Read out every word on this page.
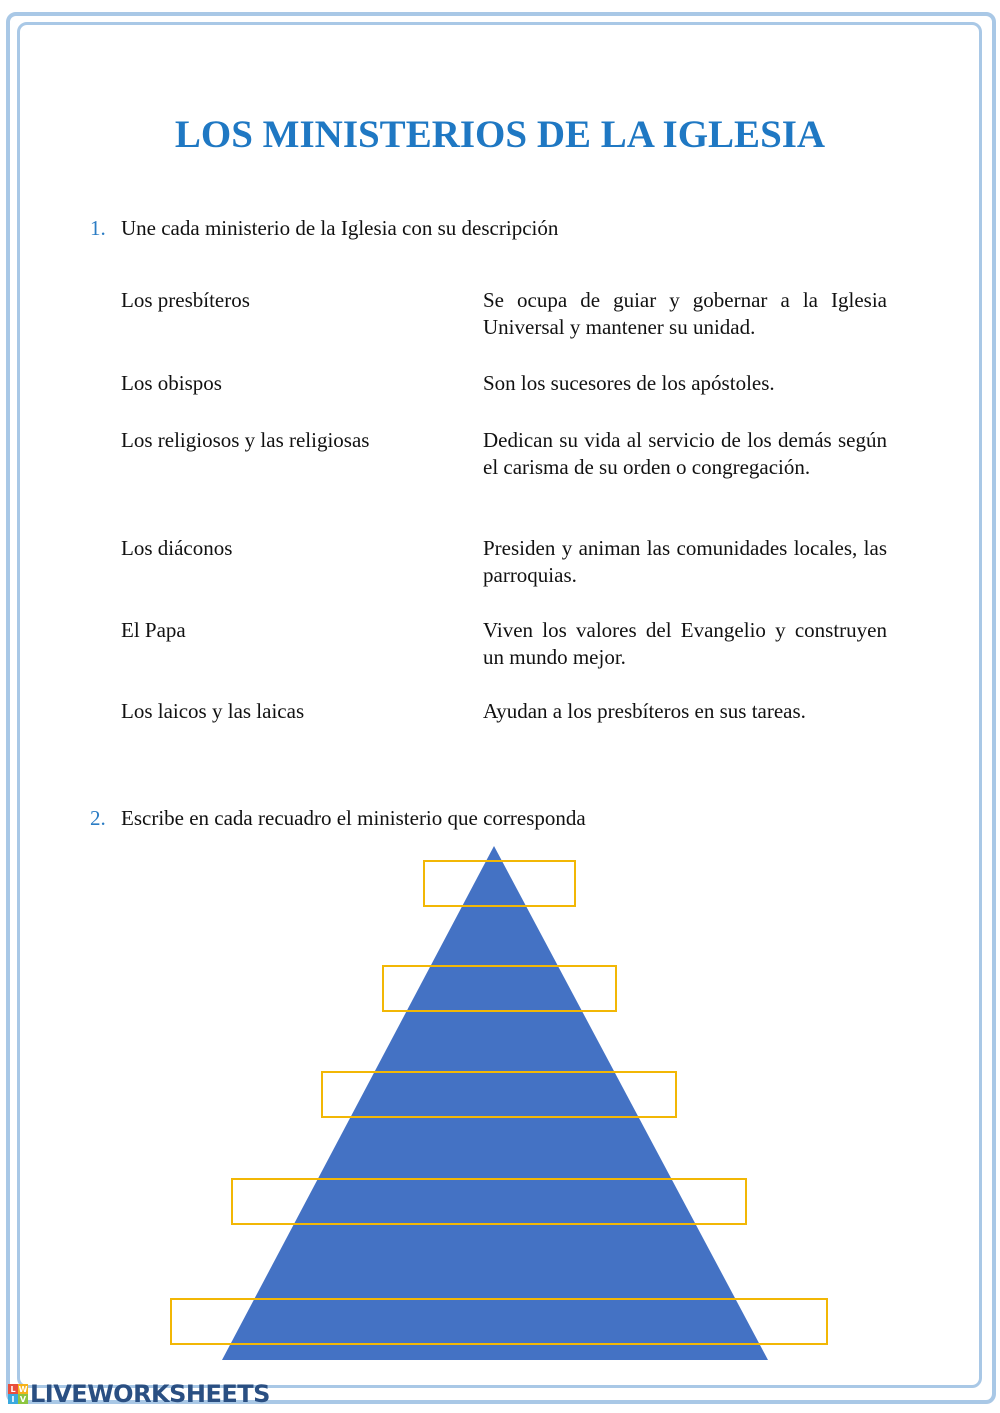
LOS MINISTERIOS DE LA IGLESIA
1. Une cada ministerio de la Iglesia con su descripción
Los presbíteros	Se ocupa de guiar y gobernar a la Iglesia Universal y mantener su unidad.
Los obispos	Son los sucesores de los apóstoles.
Los religiosos y las religiosas	Dedican su vida al servicio de los demás según el carisma de su orden o congregación.
Los diáconos	Presiden y animan las comunidades locales, las parroquias.
El Papa	Viven los valores del Evangelio y construyen un mundo mejor.
Los laicos y las laicas	Ayudan a los presbíteros en sus tareas.
2. Escribe en cada recuadro el ministerio que corresponda
L W
I V LIVEWORKSHEETS
